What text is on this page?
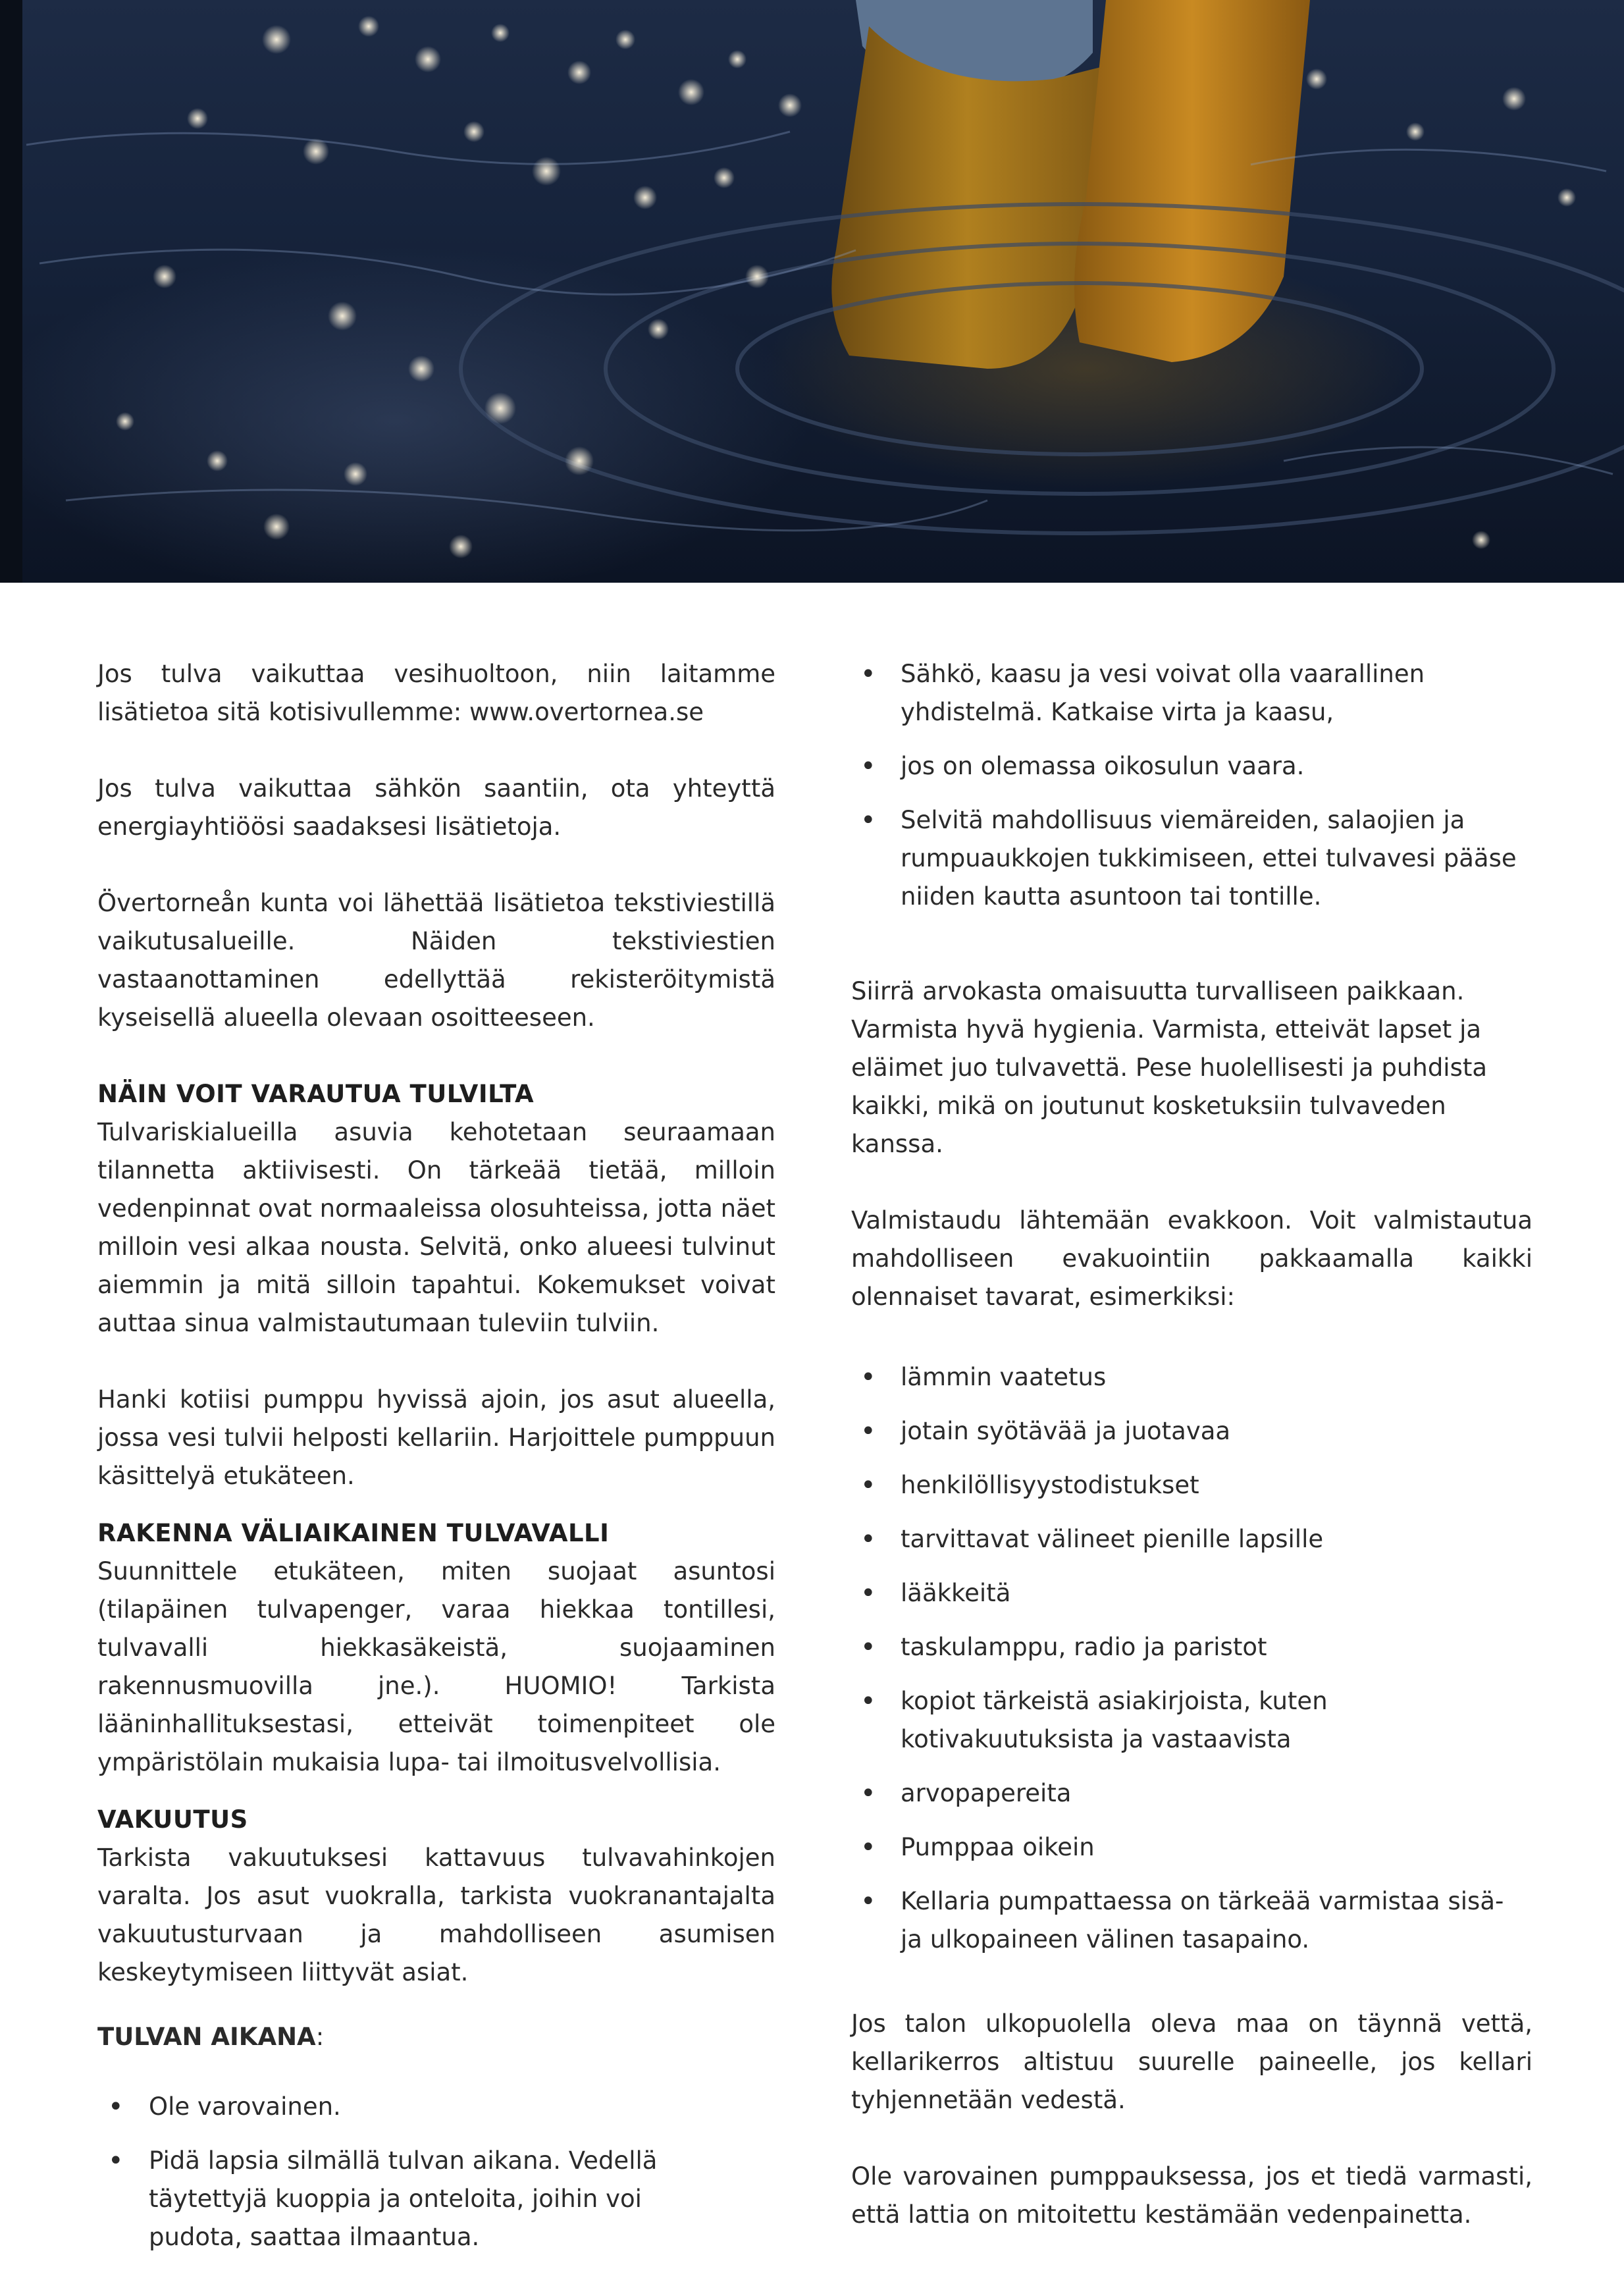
Jos tulva vaikuttaa vesihuoltoon, niin laitamme lisätietoa sitä kotisivullemme: www.overtornea.se

Jos tulva vaikuttaa sähkön saantiin, ota yhteyttä energiayhtiöösi saadaksesi lisätietoja.

Övertorneån kunta voi lähettää lisätietoa tekstiviestillä vaikutusalueille. Näiden tekstiviestien vastaanottaminen edellyttää rekisteröitymistä kyseisellä alueella olevaan osoitteeseen.

NÄIN VOIT VARAUTUA TULVILTA

Tulvariskialueilla asuvia kehotetaan seuraamaan tilannetta aktiivisesti. On tärkeää tietää, milloin vedenpinnat ovat normaaleissa olosuhteissa, jotta näet milloin vesi alkaa nousta. Selvitä, onko alueesi tulvinut aiemmin ja mitä silloin tapahtui. Kokemukset voivat auttaa sinua valmistautumaan tuleviin tulviin.

Hanki kotiisi pumppu hyvissä ajoin, jos asut alueella, jossa vesi tulvii helposti kellariin. Harjoittele pumppuun käsittelyä etukäteen.

RAKENNA VÄLIAIKAINEN TULVAVALLI

Suunnittele etukäteen, miten suojaat asuntosi (tilapäinen tulvapenger, varaa hiekkaa tontillesi, tulvavalli hiekkasäkeistä, suojaaminen rakennusmuovilla jne.). HUOMIO! Tarkista lääninhallituksestasi, etteivät toimenpiteet ole ympäristölain mukaisia lupa- tai ilmoitusvelvollisia.

VAKUUTUS

Tarkista vakuutuksesi kattavuus tulvavahinkojen varalta. Jos asut vuokralla, tarkista vuokranantajalta vakuutusturvaan ja mahdolliseen asumisen keskeytymiseen liittyvät asiat.

TULVAN AIKANA:

• Ole varovainen.
• Pidä lapsia silmällä tulvan aikana. Vedellä täytettyjä kuoppia ja onteloita, joihin voi pudota, saattaa ilmaantua.
• Sähkö, kaasu ja vesi voivat olla vaarallinen yhdistelmä. Katkaise virta ja kaasu,
• jos on olemassa oikosulun vaara.
• Selvitä mahdollisuus viemäreiden, salaojien ja rumpuaukkojen tukkimiseen, ettei tulvavesi pääse niiden kautta asuntoon tai tontille.

Siirrä arvokasta omaisuutta turvalliseen paikkaan.

Varmista hyvä hygienia. Varmista, etteivät lapset ja eläimet juo tulvavettä. Pese huolellisesti ja puhdista kaikki, mikä on joutunut kosketuksiin tulvaveden kanssa.

Valmistaudu lähtemään evakkoon. Voit valmistautua mahdolliseen evakuointiin pakkaamalla kaikki olennaiset tavarat, esimerkiksi:

• lämmin vaatetus
• jotain syötävää ja juotavaa
• henkilöllisyystodistukset
• tarvittavat välineet pienille lapsille
• lääkkeitä
• taskulamppu, radio ja paristot
• kopiot tärkeistä asiakirjoista, kuten kotivakuutuksista ja vastaavista
• arvopapereita
• Pumppaa oikein
• Kellaria pumpattaessa on tärkeää varmistaa sisä- ja ulkopaineen välinen tasapaino.

Jos talon ulkopuolella oleva maa on täynnä vettä, kellarikerros altistuu suurelle paineelle, jos kellari tyhjennetään vedestä.

Ole varovainen pumppauksessa, jos et tiedä varmasti, että lattia on mitoitettu kestämään vedenpainetta.
